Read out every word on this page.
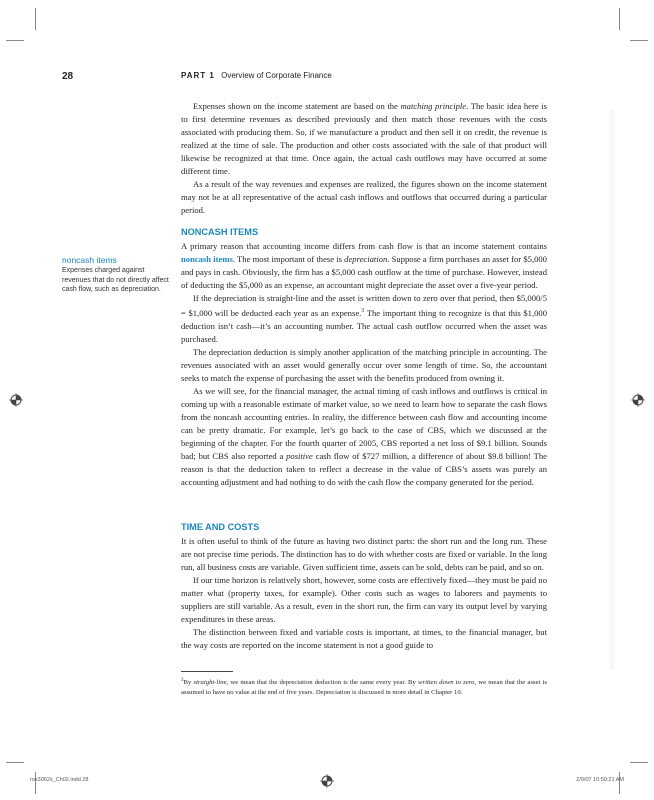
28	PART 1 Overview of Corporate Finance

Expenses shown on the income statement are based on the matching principle. The basic idea here is to first determine revenues as described previously and then match those revenues with the costs associated with producing them. So, if we manufacture a product and then sell it on credit, the revenue is realized at the time of sale. The production and other costs associated with the sale of that product will likewise be recognized at that time. Once again, the actual cash outflows may have occurred at some different time.

As a result of the way revenues and expenses are realized, the figures shown on the income statement may not be at all representative of the actual cash inflows and outflows that occurred during a particular period.

NONCASH ITEMS

A primary reason that accounting income differs from cash flow is that an income statement contains noncash items. The most important of these is depreciation. Suppose a firm purchases an asset for $5,000 and pays in cash. Obviously, the firm has a $5,000 cash outflow at the time of purchase. However, instead of deducting the $5,000 as an expense, an accountant might depreciate the asset over a five-year period.

If the depreciation is straight-line and the asset is written down to zero over that period, then $5,000/5 = $1,000 will be deducted each year as an expense.$^3$ The important thing to recognize is that this $1,000 deduction isn’t cash—it’s an accounting number. The actual cash outflow occurred when the asset was purchased.

The depreciation deduction is simply another application of the matching principle in accounting. The revenues associated with an asset would generally occur over some length of time. So, the accountant seeks to match the expense of purchasing the asset with the benefits produced from owning it.

As we will see, for the financial manager, the actual timing of cash inflows and outflows is critical in coming up with a reasonable estimate of market value, so we need to learn how to separate the cash flows from the noncash accounting entries. In reality, the difference between cash flow and accounting income can be pretty dramatic. For example, let’s go back to the case of CBS, which we discussed at the beginning of the chapter. For the fourth quarter of 2005, CBS reported a net loss of $9.1 billion. Sounds bad; but CBS also reported a positive cash flow of $727 million, a difference of about $9.8 billion! The reason is that the deduction taken to reflect a decrease in the value of CBS’s assets was purely an accounting adjustment and had nothing to do with the cash flow the company generated for the period.

noncash items
Expenses charged against revenues that do not directly affect cash flow, such as depreciation.
TIME AND COSTS

It is often useful to think of the future as having two distinct parts: the short run and the long run. These are not precise time periods. The distinction has to do with whether costs are fixed or variable. In the long run, all business costs are variable. Given sufficient time, assets can be sold, debts can be paid, and so on.

If our time horizon is relatively short, however, some costs are effectively fixed—they must be paid no matter what (property taxes, for example). Other costs such as wages to laborers and payments to suppliers are still variable. As a result, even in the short run, the firm can vary its output level by varying expenditures in these areas.

The distinction between fixed and variable costs is important, at times, to the financial manager, but the way costs are reported on the income statement is not a good guide to

$^3$By straight-line, we mean that the depreciation deduction is the same every year. By written down to zero, we mean that the asset is assumed to have no value at the end of five years. Depreciation is discussed in more detail in Chapter 10.
ros3062x_Ch02.indd 28	2/9/07 10:50:21 AM
